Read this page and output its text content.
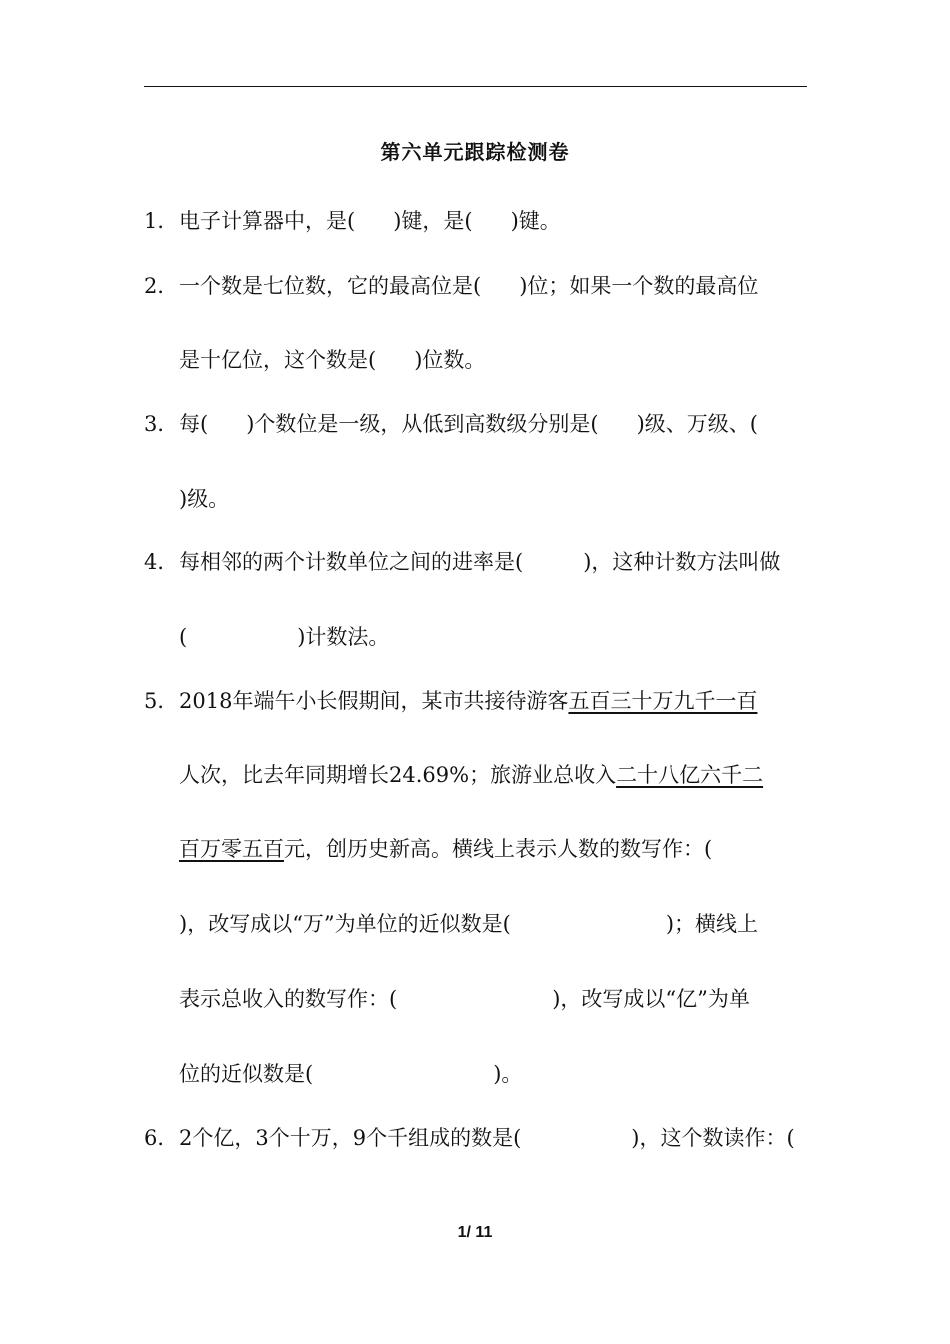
第六单元跟踪检测卷
1． 电子计算器中，是( )键，是( )键。
2． 一个数是七位数，它的最高位是( )位；如果一个数的最高位
是十亿位，这个数是( )位数。
3． 每( )个数位是一级，从低到高数级分别是( )级、万级、(
)级。
4． 每相邻的两个计数单位之间的进率是(	)，这种计数方法叫做
(	)计数法。
5． 2018年端午小长假期间，某市共接待游客五百三十万九千一百
人次，比去年同期增长24.69%；旅游业总收入二十八亿六千二
百万零五百元，创历史新高。横线上表示人数的数写作：(
)，改写成以“万”为单位的近似数是(	)；横线上
表示总收入的数写作：(	)，改写成以“亿”为单
位的近似数是(	)。
6． 2个亿，3个十万，9个千组成的数是(	)，这个数读作：(
1/ 11
